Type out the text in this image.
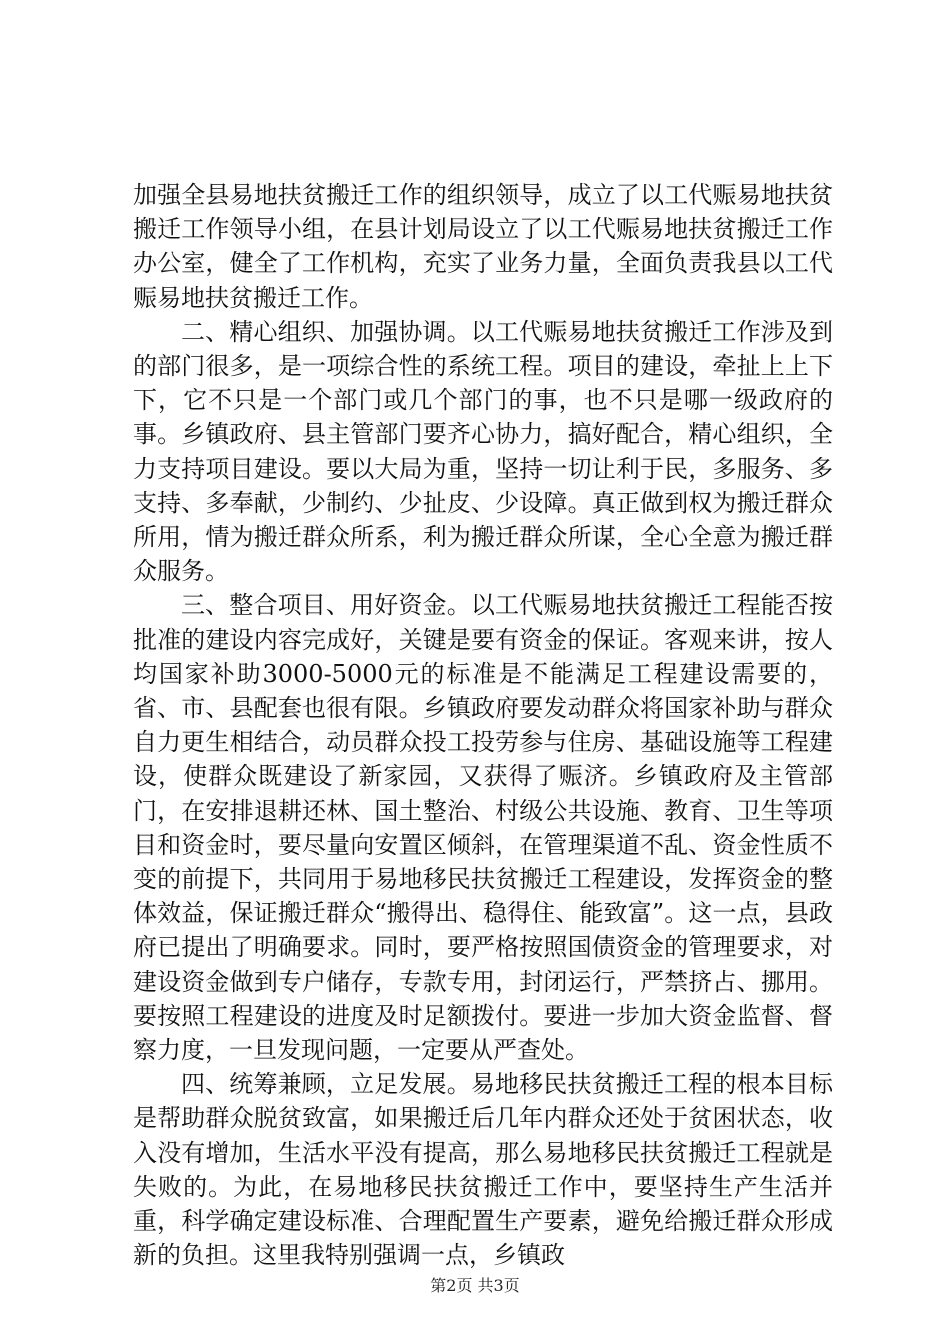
加强全县易地扶贫搬迁工作的组织领导，成立了以工代赈易地扶贫搬迁工作领导小组，在县计划局设立了以工代赈易地扶贫搬迁工作办公室，健全了工作机构，充实了业务力量，全面负责我县以工代赈易地扶贫搬迁工作。

二、精心组织、加强协调。以工代赈易地扶贫搬迁工作涉及到的部门很多，是一项综合性的系统工程。项目的建设，牵扯上上下下，它不只是一个部门或几个部门的事，也不只是哪一级政府的事。乡镇政府、县主管部门要齐心协力，搞好配合，精心组织，全力支持项目建设。要以大局为重，坚持一切让利于民，多服务、多支持、多奉献，少制约、少扯皮、少设障。真正做到权为搬迁群众所用，情为搬迁群众所系，利为搬迁群众所谋，全心全意为搬迁群众服务。

三、整合项目、用好资金。以工代赈易地扶贫搬迁工程能否按批准的建设内容完成好，关键是要有资金的保证。客观来讲，按人均国家补助3000-5000元的标准是不能满足工程建设需要的，省、市、县配套也很有限。乡镇政府要发动群众将国家补助与群众自力更生相结合，动员群众投工投劳参与住房、基础设施等工程建设，使群众既建设了新家园，又获得了赈济。乡镇政府及主管部门，在安排退耕还林、国土整治、村级公共设施、教育、卫生等项目和资金时，要尽量向安置区倾斜，在管理渠道不乱、资金性质不变的前提下，共同用于易地移民扶贫搬迁工程建设，发挥资金的整体效益，保证搬迁群众“搬得出、稳得住、能致富”。这一点，县政府已提出了明确要求。同时，要严格按照国债资金的管理要求，对建设资金做到专户储存，专款专用，封闭运行，严禁挤占、挪用。要按照工程建设的进度及时足额拨付。要进一步加大资金监督、督察力度，一旦发现问题，一定要从严查处。

四、统筹兼顾，立足发展。易地移民扶贫搬迁工程的根本目标是帮助群众脱贫致富，如果搬迁后几年内群众还处于贫困状态，收入没有增加，生活水平没有提高，那么易地移民扶贫搬迁工程就是失败的。为此，在易地移民扶贫搬迁工作中，要坚持生产生活并重，科学确定建设标准、合理配置生产要素，避免给搬迁群众形成新的负担。这里我特别强调一点，乡镇政

第2页 共3页
